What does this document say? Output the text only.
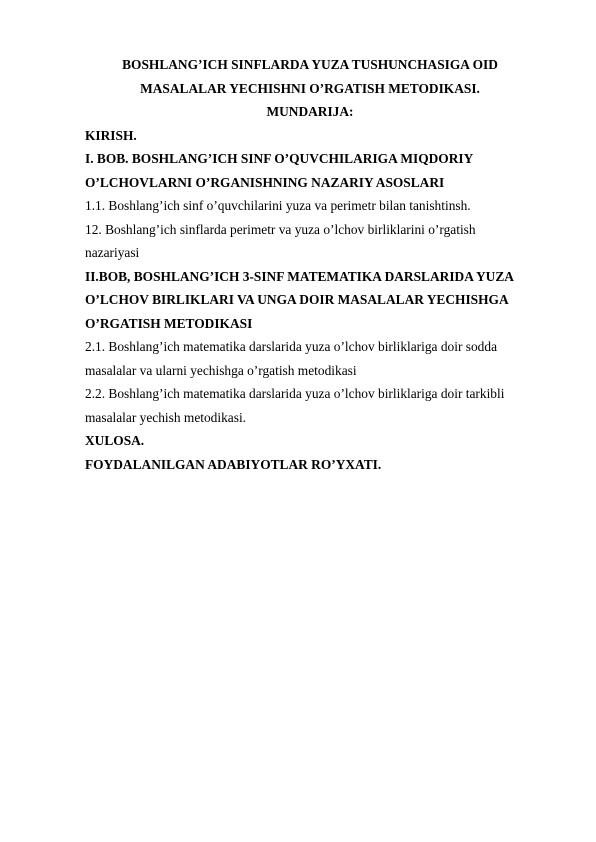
BOSHLANG’ICH SINFLARDA YUZA TUSHUNCHASIGA OID
MASALALAR YECHISHNI O’RGATISH METODIKASI.
MUNDARIJA:
KIRISH.
I. BOB. BOSHLANG’ICH SINF O’QUVCHILARIGA MIQDORIY
O’LCHOVLARNI O’RGANISHNING NAZARIY ASOSLARI
1.1. Boshlang’ich sinf o’quvchilarini yuza va perimetr bilan tanishtinsh.
12. Boshlang’ich sinflarda perimetr va yuza o’lchov birliklarini o’rgatish
nazariyasi
II.BOB, BOSHLANG’ICH 3-SINF MATEMATIKA DARSLARIDA YUZA
O’LCHOV BIRLIKLARI VA UNGA DOIR MASALALAR YECHISHGA
O’RGATISH METODIKASI
2.1. Boshlang’ich matematika darslarida yuza o’lchov birliklariga doir sodda
masalalar va ularni yechishga o’rgatish metodikasi
2.2. Boshlang’ich matematika darslarida yuza o’lchov birliklariga doir tarkibli
masalalar yechish metodikasi.
XULOSA.
FOYDALANILGAN ADABIYOTLAR RO’YXATI.
